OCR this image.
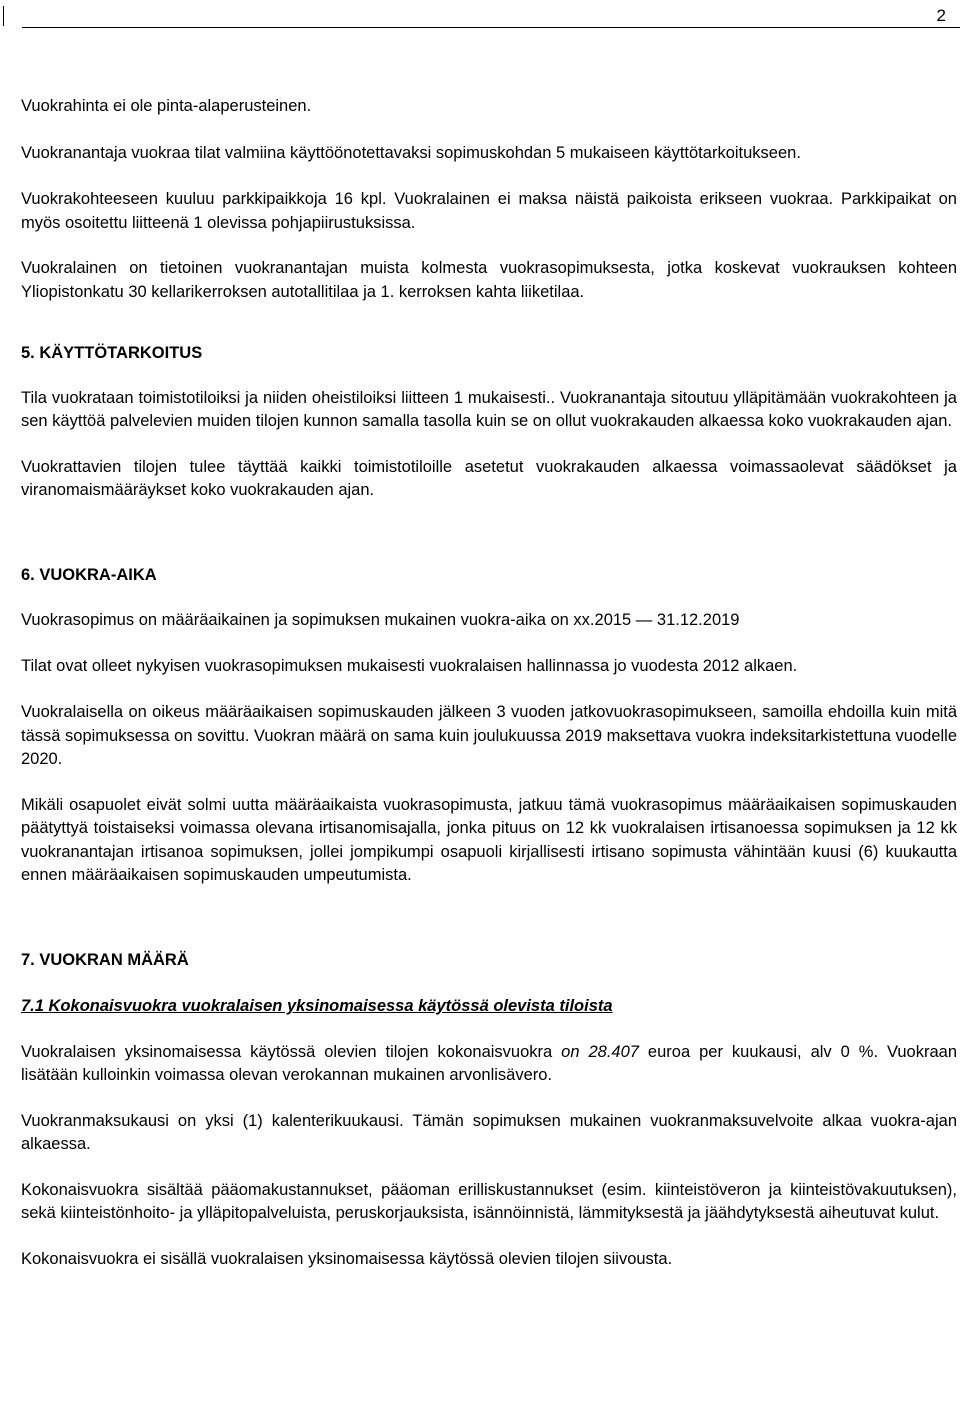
2

Vuokrahinta ei ole pinta-alaperusteinen.

Vuokranantaja vuokraa tilat valmiina käyttöönotettavaksi sopimuskohdan 5 mukaiseen käyttötarkoitukseen.

Vuokrakohteeseen kuuluu parkkipaikkoja 16 kpl. Vuokralainen ei maksa näistä paikoista erikseen vuokraa. Parkkipaikat on myös osoitettu liitteenä 1 olevissa pohjapiirustuksissa.

Vuokralainen on tietoinen vuokranantajan muista kolmesta vuokrasopimuksesta, jotka koskevat vuokrauksen kohteen Yliopistonkatu 30 kellarikerroksen autotallitilaa ja 1. kerroksen kahta liiketilaa.

5. KÄYTTÖTARKOITUS

Tila vuokrataan toimistotiloiksi ja niiden oheistiloiksi liitteen 1 mukaisesti.. Vuokranantaja sitoutuu ylläpitämään vuokrakohteen ja sen käyttöä palvelevien muiden tilojen kunnon samalla tasolla kuin se on ollut vuokrakauden alkaessa koko vuokrakauden ajan.

Vuokrattavien tilojen tulee täyttää kaikki toimistotiloille asetetut vuokrakauden alkaessa voimassaolevat säädökset ja viranomaismääräykset koko vuokrakauden ajan.

6. VUOKRA-AIKA

Vuokrasopimus on määräaikainen ja sopimuksen mukainen vuokra-aika on xx.2015 — 31.12.2019

Tilat ovat olleet nykyisen vuokrasopimuksen mukaisesti vuokralaisen hallinnassa jo vuodesta 2012 alkaen.

Vuokralaisella on oikeus määräaikaisen sopimuskauden jälkeen 3 vuoden jatkovuokrasopimukseen, samoilla ehdoilla kuin mitä tässä sopimuksessa on sovittu. Vuokran määrä on sama kuin joulukuussa 2019 maksettava vuokra indeksitarkistettuna vuodelle 2020.

Mikäli osapuolet eivät solmi uutta määräaikaista vuokrasopimusta, jatkuu tämä vuokrasopimus määräaikaisen sopimuskauden päätyttyä toistaiseksi voimassa olevana irtisanomisajalla, jonka pituus on 12 kk vuokralaisen irtisanoessa sopimuksen ja 12 kk vuokranantajan irtisanoa sopimuksen, jollei jompikumpi osapuoli kirjallisesti irtisano sopimusta vähintään kuusi (6) kuukautta ennen määräaikaisen sopimuskauden umpeutumista.

7. VUOKRAN MÄÄRÄ
7.1 Kokonaisvuokra vuokralaisen yksinomaisessa käytössä olevista tiloista

Vuokralaisen yksinomaisessa käytössä olevien tilojen kokonaisvuokra on 28.407 euroa per kuukausi, alv 0 %. Vuokraan lisätään kulloinkin voimassa olevan verokannan mukainen arvonlisävero.

Vuokranmaksukausi on yksi (1) kalenterikuukausi. Tämän sopimuksen mukainen vuokranmaksuvelvoite alkaa vuokra-ajan alkaessa.

Kokonaisvuokra sisältää pääomakustannukset, pääoman erilliskustannukset (esim. kiinteistöveron ja kiinteistövakuutuksen), sekä kiinteistönhoito- ja ylläpitopalveluista, peruskorjauksista, isännöinnistä, lämmityksestä ja jäähdytyksestä aiheutuvat kulut.

Kokonaisvuokra ei sisällä vuokralaisen yksinomaisessa käytössä olevien tilojen siivousta.
